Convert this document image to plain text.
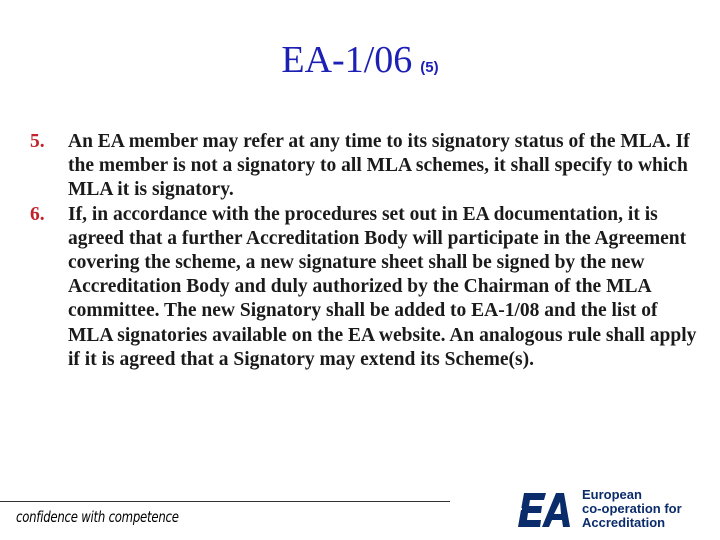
EA-1/06 (5)
5.	An EA member may refer at any time to its signatory status of the MLA. If the member is not a signatory to all MLA schemes, it shall specify to which MLA it is signatory.
6.	If, in accordance with the procedures set out in EA documentation, it is agreed that a further Accreditation Body will participate in the Agreement covering the scheme, a new signature sheet shall be signed by the new Accreditation Body and duly authorized by the Chairman of the MLA committee. The new Signatory shall be added to EA-1/08 and the list of MLA signatories available on the EA website. An analogous rule shall apply if it is agreed that a Signatory may extend its Scheme(s).
confidence with competence
European
co-operation for
Accreditation
